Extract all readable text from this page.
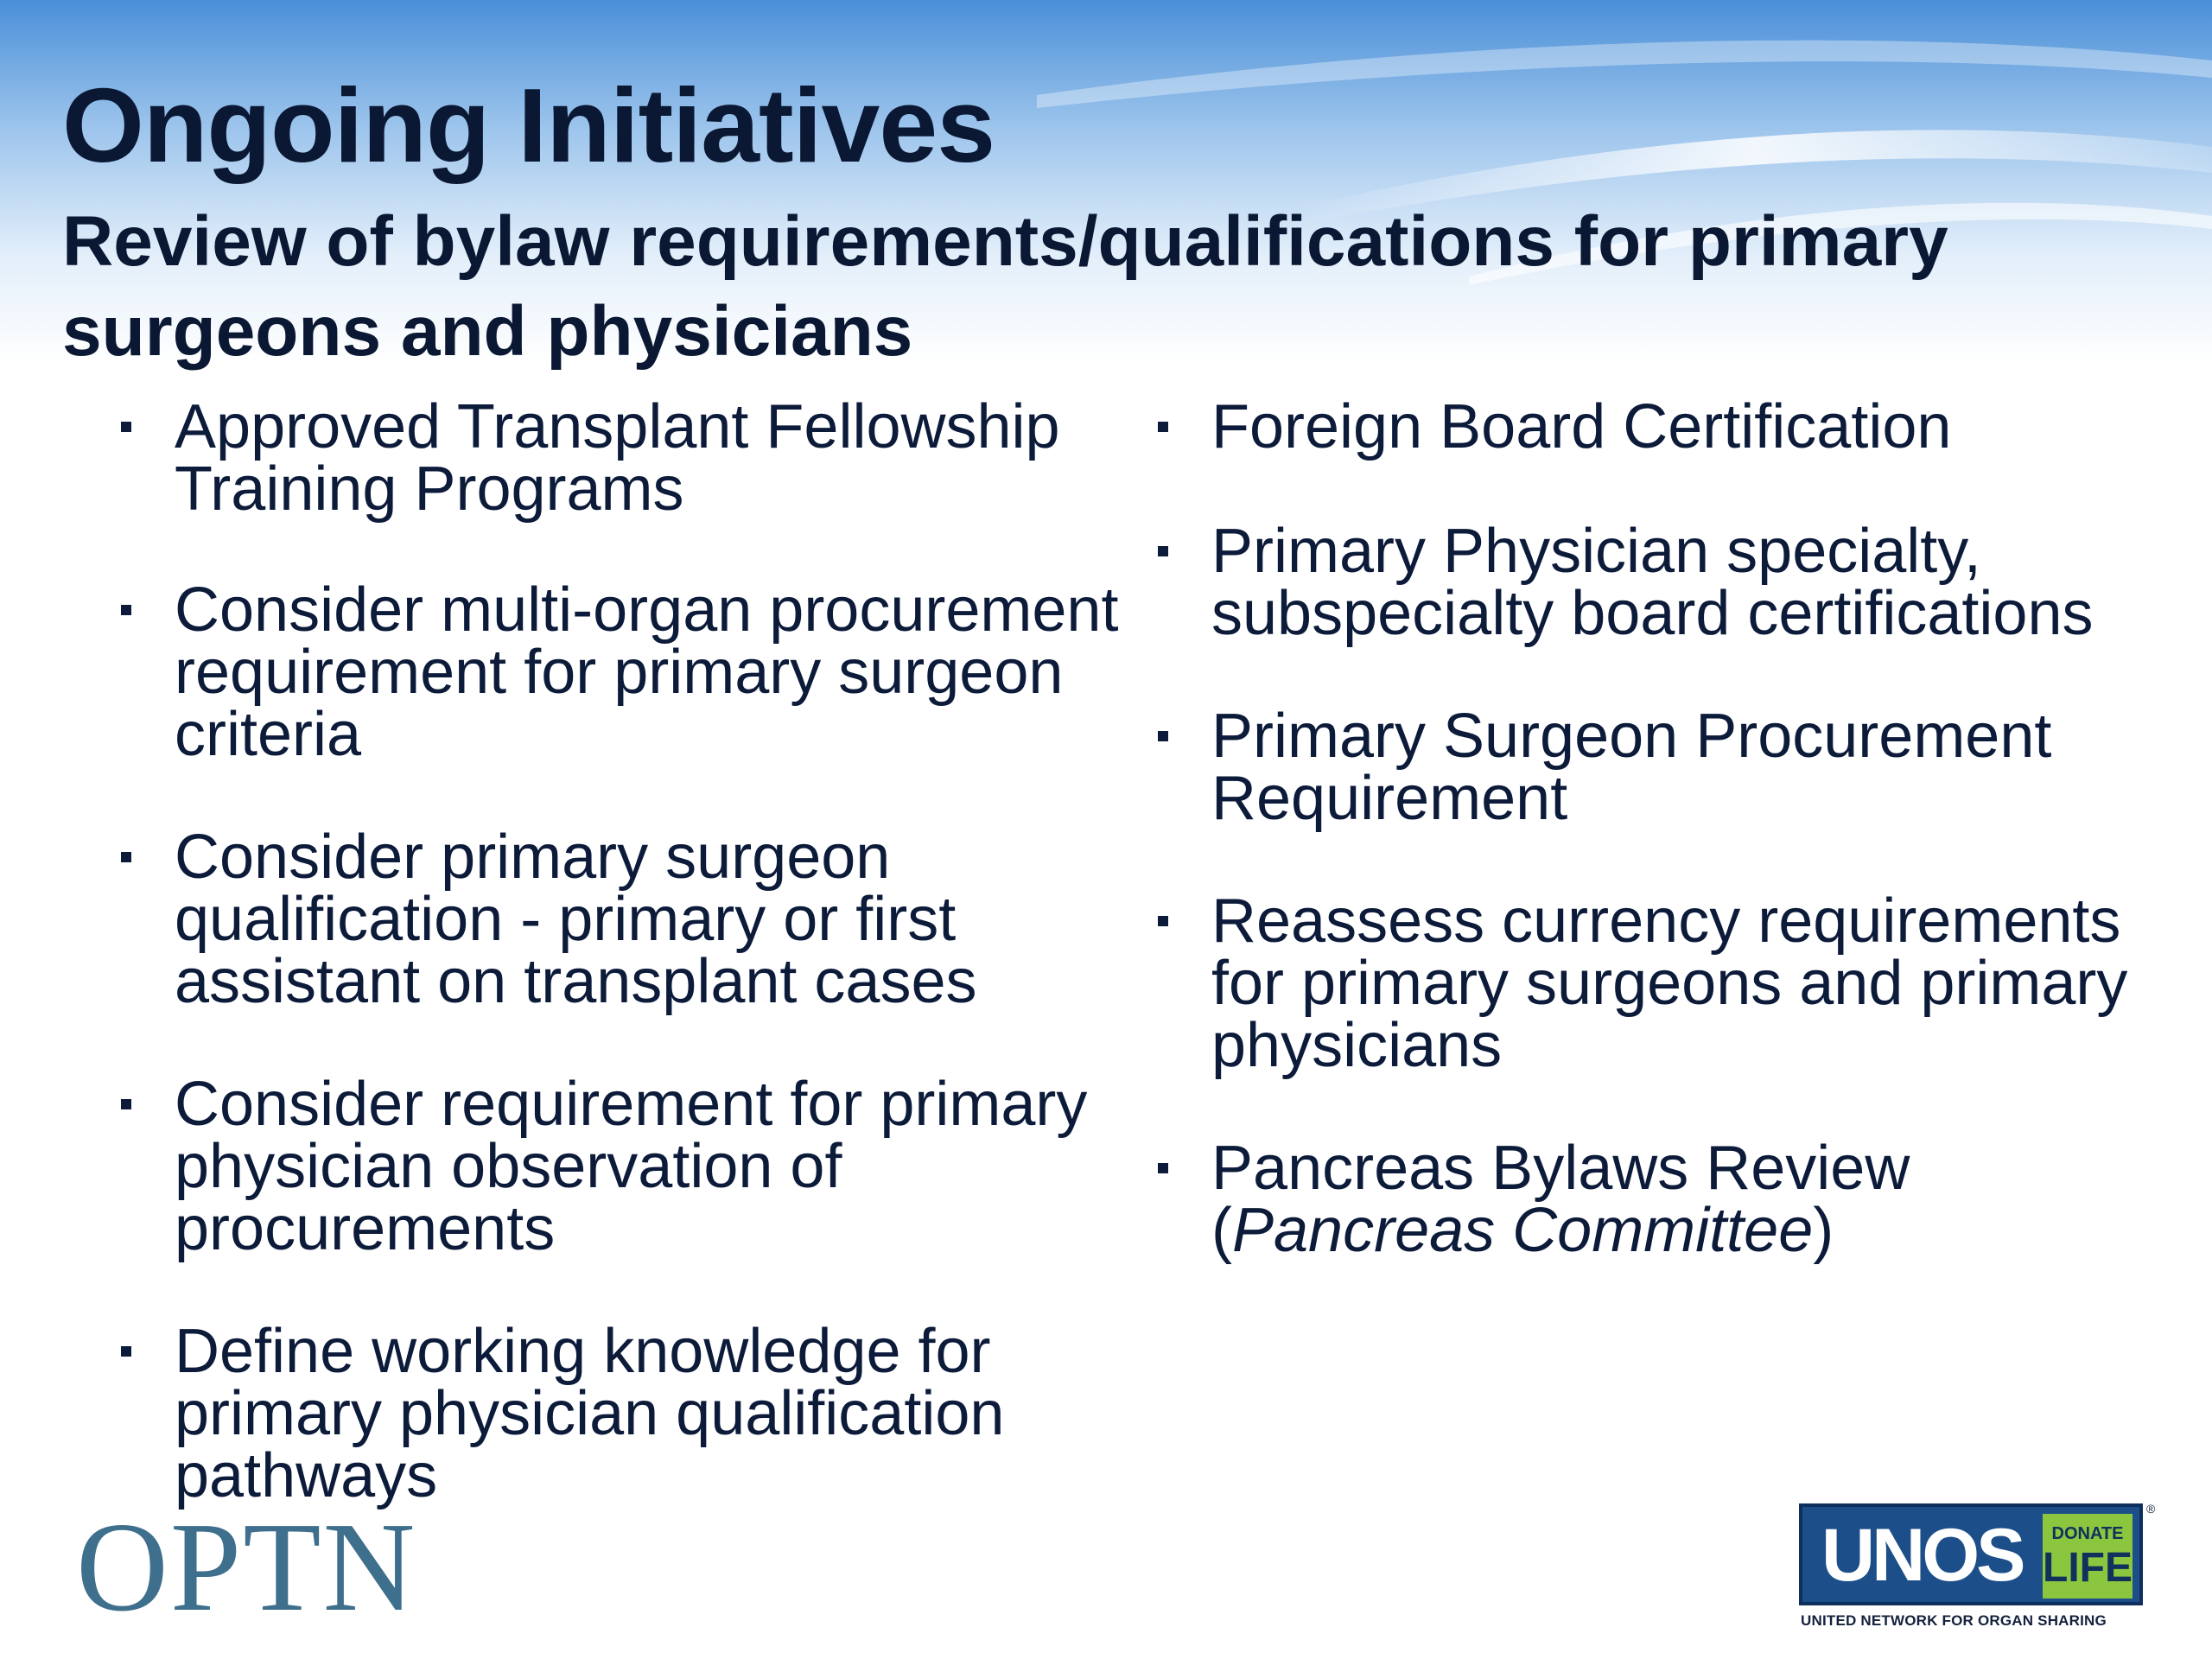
Ongoing Initiatives
Review of bylaw requirements/qualifications for primary surgeons and physicians
Approved Transplant Fellowship Training Programs
Consider multi-organ procurement requirement for primary surgeon criteria
Consider primary surgeon qualification - primary or first assistant on transplant cases
Consider requirement for primary physician observation of procurements
Define working knowledge for primary physician qualification pathways
Foreign Board Certification
Primary Physician specialty, subspecialty board certifications
Primary Surgeon Procurement Requirement
Reassess currency requirements for primary surgeons and primary physicians
Pancreas Bylaws Review
(Pancreas Committee)
OPTN	UNOS	DONATE
LIFE
®
UNITED NETWORK FOR ORGAN SHARING
